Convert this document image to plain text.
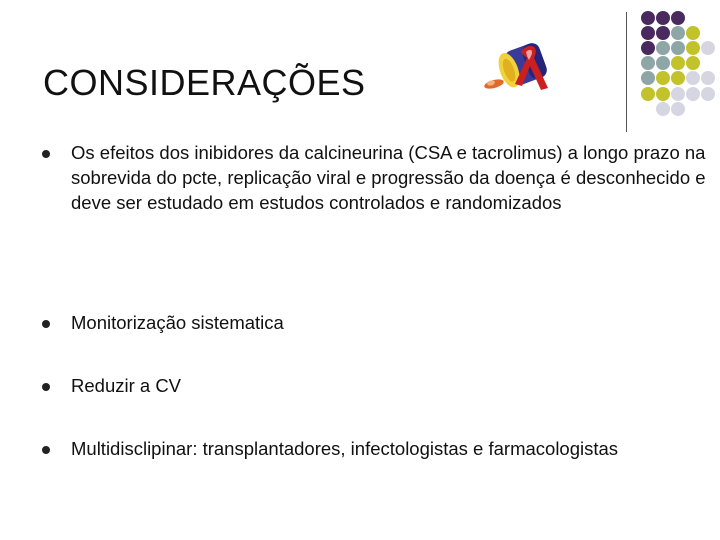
CONSIDERAÇÕES
Os efeitos dos inibidores da calcineurina (CSA e tacrolimus) a longo prazo na sobrevida do pcte, replicação viral e progressão da doença é desconhecido e deve ser estudado em estudos controlados e randomizados
Monitorização sistematica
Reduzir a CV
Multidisclipinar: transplantadores, infectologistas e farmacologistas
